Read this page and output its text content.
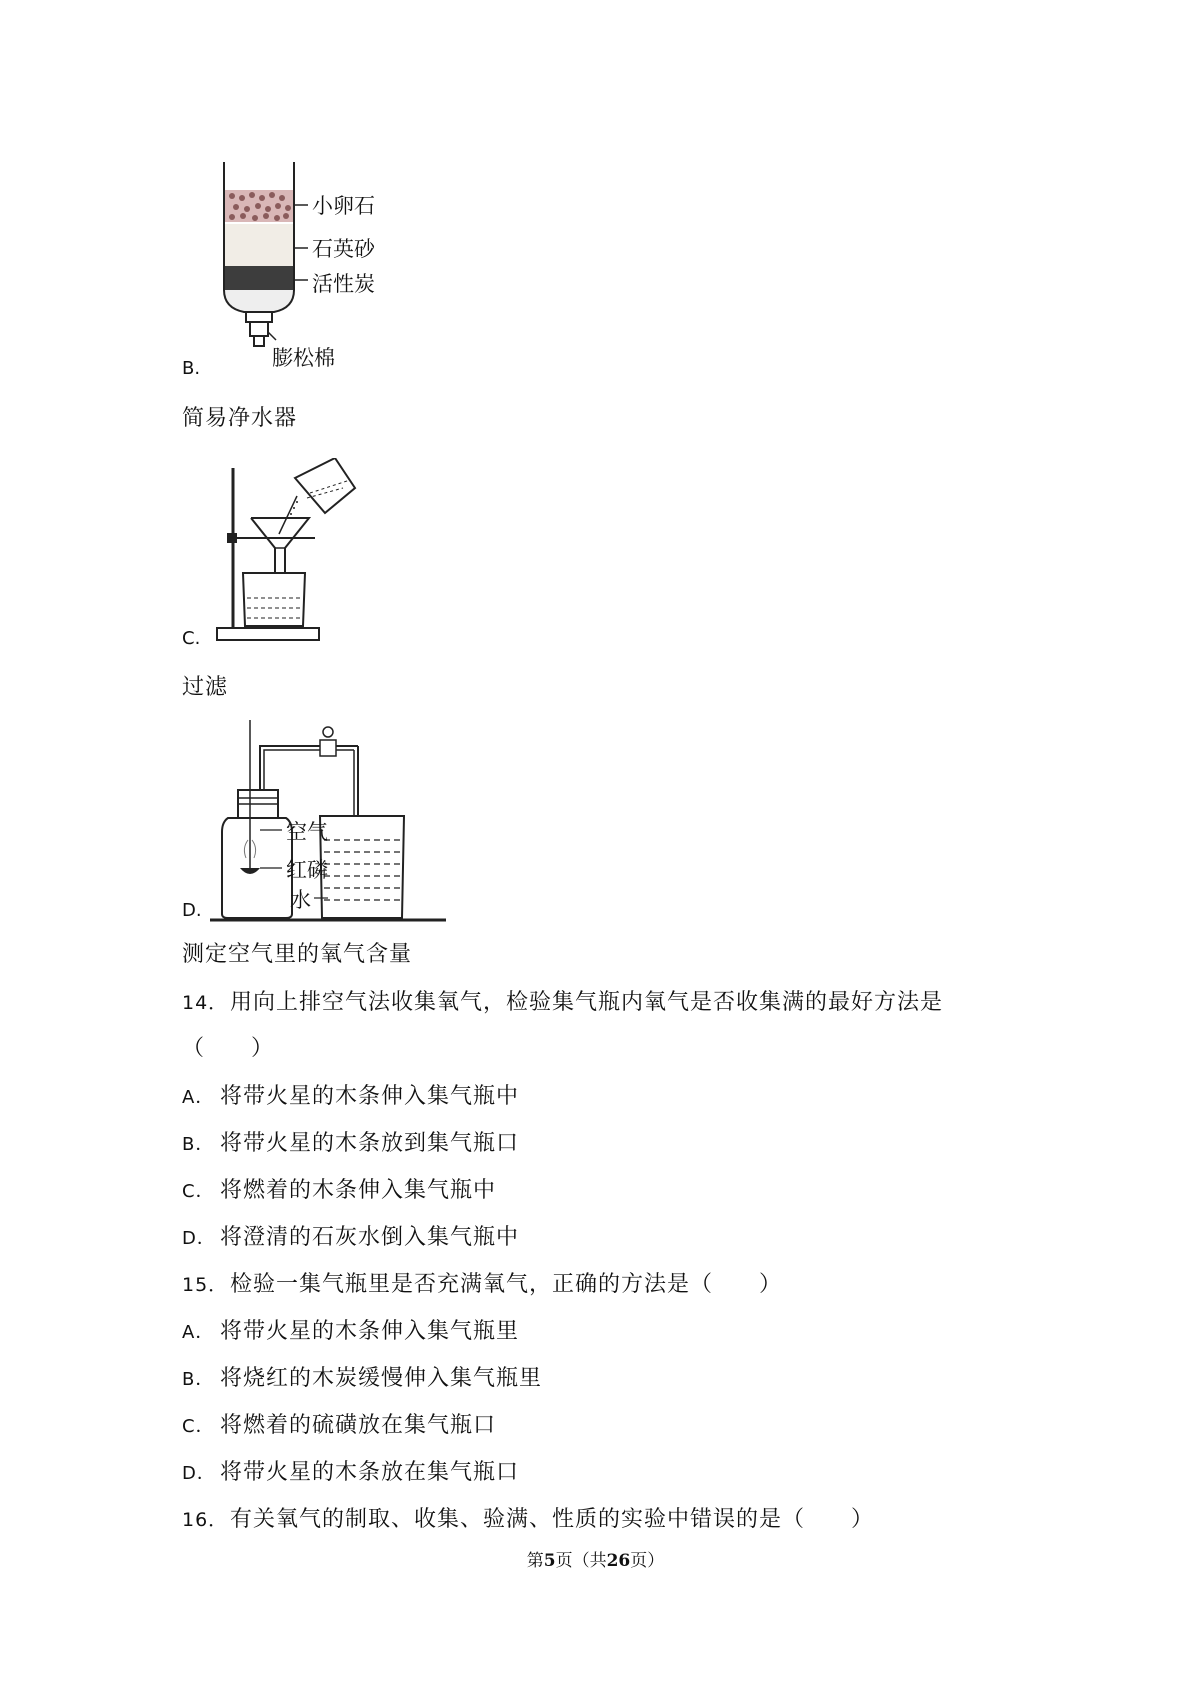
小卵石
石英砂
活性炭
膨松棉
B.
简易净水器
C.
过滤
空气
红磷
水
D.
测定空气里的氧气含量
14．用向上排空气法收集氧气，检验集气瓶内氧气是否收集满的最好方法是
（　　）
A． 将带火星的木条伸入集气瓶中
B． 将带火星的木条放到集气瓶口
C． 将燃着的木条伸入集气瓶中
D． 将澄清的石灰水倒入集气瓶中
15．检验一集气瓶里是否充满氧气，正确的方法是（　　）
A． 将带火星的木条伸入集气瓶里
B． 将烧红的木炭缓慢伸入集气瓶里
C． 将燃着的硫磺放在集气瓶口
D． 将带火星的木条放在集气瓶口
16．有关氧气的制取、收集、验满、性质的实验中错误的是（　　）
第5页（共26页）
